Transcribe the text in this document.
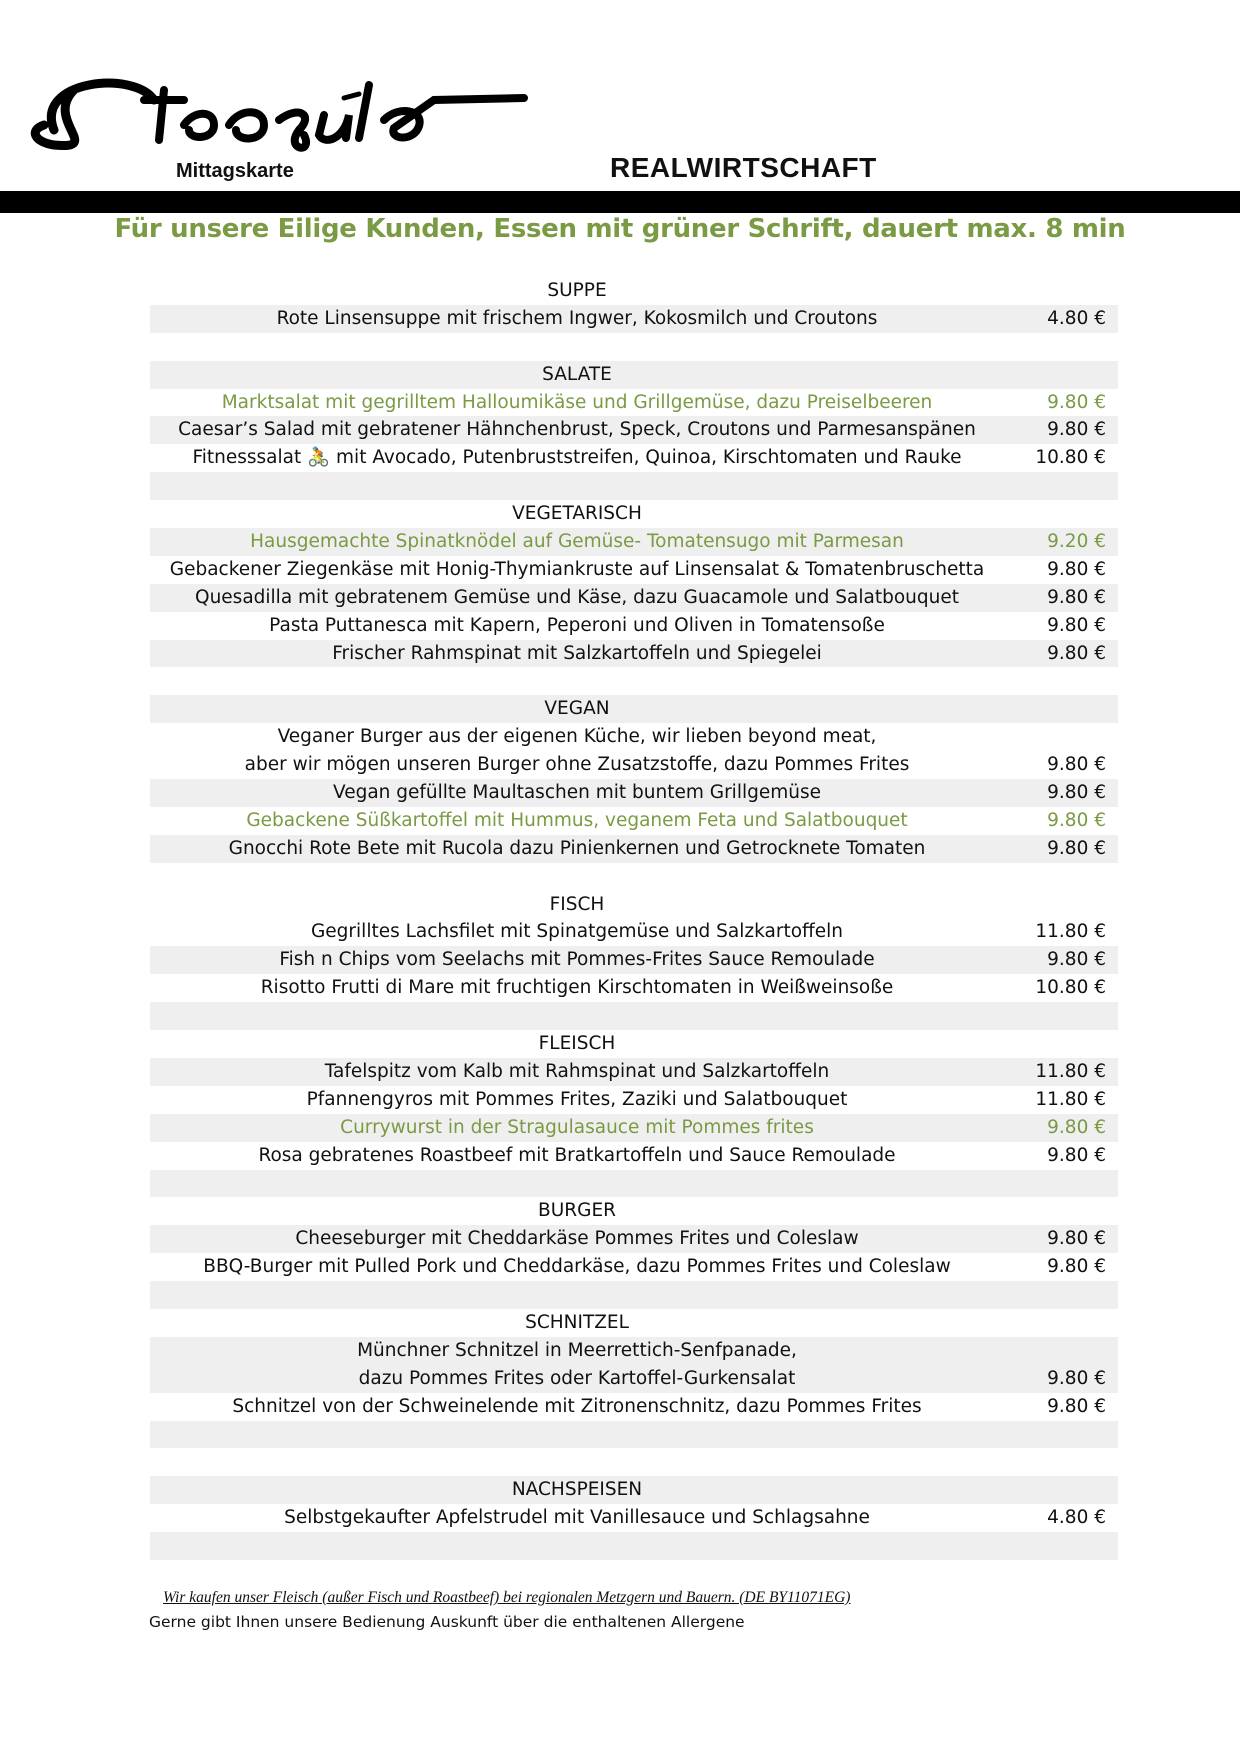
Mittagskarte	REALWIRTSCHAFT
Für unsere Eilige Kunden, Essen mit grüner Schrift, dauert max. 8 min
SUPPE
Rote Linsensuppe mit frischem Ingwer, Kokosmilch und Croutons	4.80 €
SALATE
Marktsalat mit gegrilltem Halloumikäse und Grillgemüse, dazu Preiselbeeren	9.80 €
Caesar’s Salad mit gebratener Hähnchenbrust, Speck, Croutons und Parmesanspänen	9.80 €
Fitnesssalat 🚴 mit Avocado, Putenbruststreifen, Quinoa, Kirschtomaten und Rauke	10.80 €
VEGETARISCH
Hausgemachte Spinatknödel auf Gemüse- Tomatensugo mit Parmesan	9.20 €
Gebackener Ziegenkäse mit Honig-Thymiankruste auf Linsensalat & Tomatenbruschetta	9.80 €
Quesadilla mit gebratenem Gemüse und Käse, dazu Guacamole und Salatbouquet	9.80 €
Pasta Puttanesca mit Kapern, Peperoni und Oliven in Tomatensoße	9.80 €
Frischer Rahmspinat mit Salzkartoffeln und Spiegelei	9.80 €
VEGAN
Veganer Burger aus der eigenen Küche, wir lieben beyond meat,
aber wir mögen unseren Burger ohne Zusatzstoffe, dazu Pommes Frites	9.80 €
Vegan gefüllte Maultaschen mit buntem Grillgemüse	9.80 €
Gebackene Süßkartoffel mit Hummus, veganem Feta und Salatbouquet	9.80 €
Gnocchi Rote Bete mit Rucola dazu Pinienkernen und Getrocknete Tomaten	9.80 €
FISCH
Gegrilltes Lachsfilet mit Spinatgemüse und Salzkartoffeln	11.80 €
Fish n Chips vom Seelachs mit Pommes-Frites Sauce Remoulade	9.80 €
Risotto Frutti di Mare mit fruchtigen Kirschtomaten in Weißweinsoße	10.80 €
FLEISCH
Tafelspitz vom Kalb mit Rahmspinat und Salzkartoffeln	11.80 €
Pfannengyros mit Pommes Frites, Zaziki und Salatbouquet	11.80 €
Currywurst in der Stragulasauce mit Pommes frites	9.80 €
Rosa gebratenes Roastbeef mit Bratkartoffeln und Sauce Remoulade	9.80 €
BURGER
Cheeseburger mit Cheddarkäse Pommes Frites und Coleslaw	9.80 €
BBQ-Burger mit Pulled Pork und Cheddarkäse, dazu Pommes Frites und Coleslaw	9.80 €
SCHNITZEL
Münchner Schnitzel in Meerrettich-Senfpanade,
dazu Pommes Frites oder Kartoffel-Gurkensalat	9.80 €
Schnitzel von der Schweinelende mit Zitronenschnitz, dazu Pommes Frites	9.80 €
NACHSPEISEN
Selbstgekaufter Apfelstrudel mit Vanillesauce und Schlagsahne	4.80 €
Wir kaufen unser Fleisch (außer Fisch und Roastbeef) bei regionalen Metzgern und Bauern. (DE BY11071EG)
Gerne gibt Ihnen unsere Bedienung Auskunft über die enthaltenen Allergene
